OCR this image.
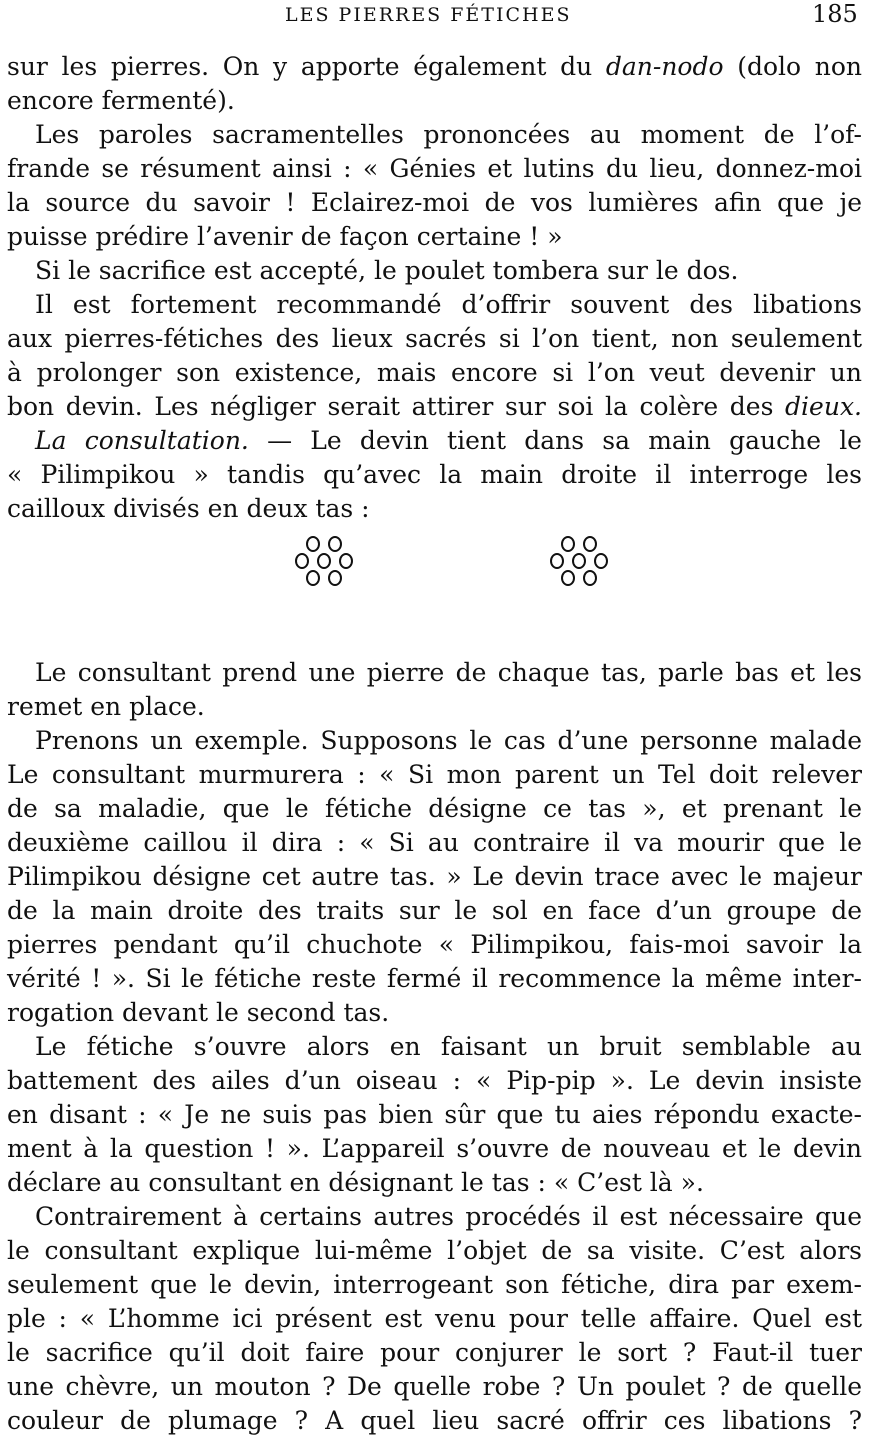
LES PIERRES FÉTICHES	185
sur les pierres. On y apporte également du dan-nodo (dolo non
encore fermenté).
Les paroles sacramentelles prononcées au moment de l’of-
frande se résument ainsi : « Génies et lutins du lieu, donnez-moi
la source du savoir ! Eclairez-moi de vos lumières afin que je
puisse prédire l’avenir de façon certaine ! »
Si le sacrifice est accepté, le poulet tombera sur le dos.
Il est fortement recommandé d’offrir souvent des libations
aux pierres-fétiches des lieux sacrés si l’on tient, non seulement
à prolonger son existence, mais encore si l’on veut devenir un
bon devin. Les négliger serait attirer sur soi la colère des dieux.
La consultation. — Le devin tient dans sa main gauche le
« Pilimpikou » tandis qu’avec la main droite il interroge les
cailloux divisés en deux tas :
Le consultant prend une pierre de chaque tas, parle bas et les
remet en place.
Prenons un exemple. Supposons le cas d’une personne malade
Le consultant murmurera : « Si mon parent un Tel doit relever
de sa maladie, que le fétiche désigne ce tas », et prenant le
deuxième caillou il dira : « Si au contraire il va mourir que le
Pilimpikou désigne cet autre tas. » Le devin trace avec le majeur
de la main droite des traits sur le sol en face d’un groupe de
pierres pendant qu’il chuchote « Pilimpikou, fais-moi savoir la
vérité ! ». Si le fétiche reste fermé il recommence la même inter-
rogation devant le second tas.
Le fétiche s’ouvre alors en faisant un bruit semblable au
battement des ailes d’un oiseau : « Pip-pip ». Le devin insiste
en disant : « Je ne suis pas bien sûr que tu aies répondu exacte-
ment à la question ! ». L’appareil s’ouvre de nouveau et le devin
déclare au consultant en désignant le tas : « C’est là ».
Contrairement à certains autres procédés il est nécessaire que
le consultant explique lui-même l’objet de sa visite. C’est alors
seulement que le devin, interrogeant son fétiche, dira par exem-
ple : « L’homme ici présent est venu pour telle affaire. Quel est
le sacrifice qu’il doit faire pour conjurer le sort ? Faut-il tuer
une chèvre, un mouton ? De quelle robe ? Un poulet ? de quelle
couleur de plumage ? A quel lieu sacré offrir ces libations ?
